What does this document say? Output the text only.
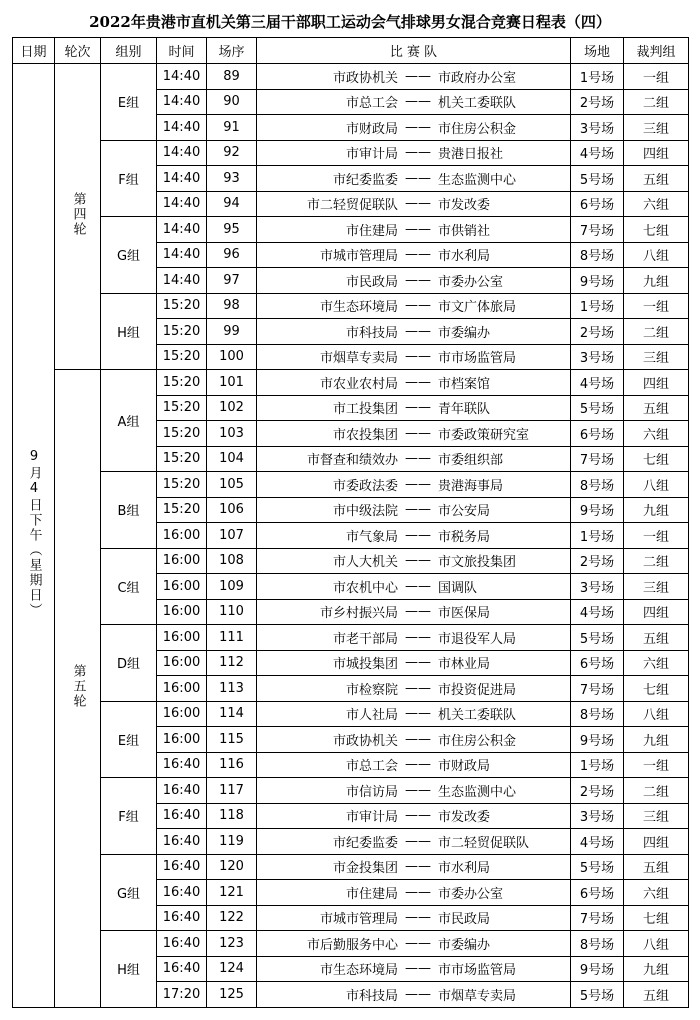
2022年贵港市直机关第三届干部职工运动会气排球男女混合竞赛日程表（四）
日期	轮次	组别	时间	场序	比 赛 队	场地	裁判组
9月4日下午（星期日）	第四轮	E组	14:40	89	市政协机关 —— 市政府办公室	1号场	一组
			14:40	90	市总工会 —— 机关工委联队	2号场	二组
			14:40	91	市财政局 —— 市住房公积金	3号场	三组
		F组	14:40	92	市审计局 —— 贵港日报社	4号场	四组
			14:40	93	市纪委监委 —— 生态监测中心	5号场	五组
			14:40	94	市二轻贸促联队 —— 市发改委	6号场	六组
		G组	14:40	95	市住建局 —— 市供销社	7号场	七组
			14:40	96	市城市管理局 —— 市水利局	8号场	八组
			14:40	97	市民政局 —— 市委办公室	9号场	九组
		H组	15:20	98	市生态环境局 —— 市文广体旅局	1号场	一组
			15:20	99	市科技局 —— 市委编办	2号场	二组
			15:20	100	市烟草专卖局 —— 市市场监管局	3号场	三组
	第五轮	A组	15:20	101	市农业农村局 —— 市档案馆	4号场	四组
			15:20	102	市工投集团 —— 青年联队	5号场	五组
			15:20	103	市农投集团 —— 市委政策研究室	6号场	六组
			15:20	104	市督查和绩效办 —— 市委组织部	7号场	七组
		B组	15:20	105	市委政法委 —— 贵港海事局	8号场	八组
			15:20	106	市中级法院 —— 市公安局	9号场	九组
			16:00	107	市气象局 —— 市税务局	1号场	一组
		C组	16:00	108	市人大机关 —— 市文旅投集团	2号场	二组
			16:00	109	市农机中心 —— 国调队	3号场	三组
			16:00	110	市乡村振兴局 —— 市医保局	4号场	四组
		D组	16:00	111	市老干部局 —— 市退役军人局	5号场	五组
			16:00	112	市城投集团 —— 市林业局	6号场	六组
			16:00	113	市检察院 —— 市投资促进局	7号场	七组
		E组	16:00	114	市人社局 —— 机关工委联队	8号场	八组
			16:00	115	市政协机关 —— 市住房公积金	9号场	九组
			16:40	116	市总工会 —— 市财政局	1号场	一组
		F组	16:40	117	市信访局 —— 生态监测中心	2号场	二组
			16:40	118	市审计局 —— 市发改委	3号场	三组
			16:40	119	市纪委监委 —— 市二轻贸促联队	4号场	四组
		G组	16:40	120	市金投集团 —— 市水利局	5号场	五组
			16:40	121	市住建局 —— 市委办公室	6号场	六组
			16:40	122	市城市管理局 —— 市民政局	7号场	七组
		H组	16:40	123	市后勤服务中心 —— 市委编办	8号场	八组
			16:40	124	市生态环境局 —— 市市场监管局	9号场	九组
			17:20	125	市科技局 —— 市烟草专卖局	5号场	五组
